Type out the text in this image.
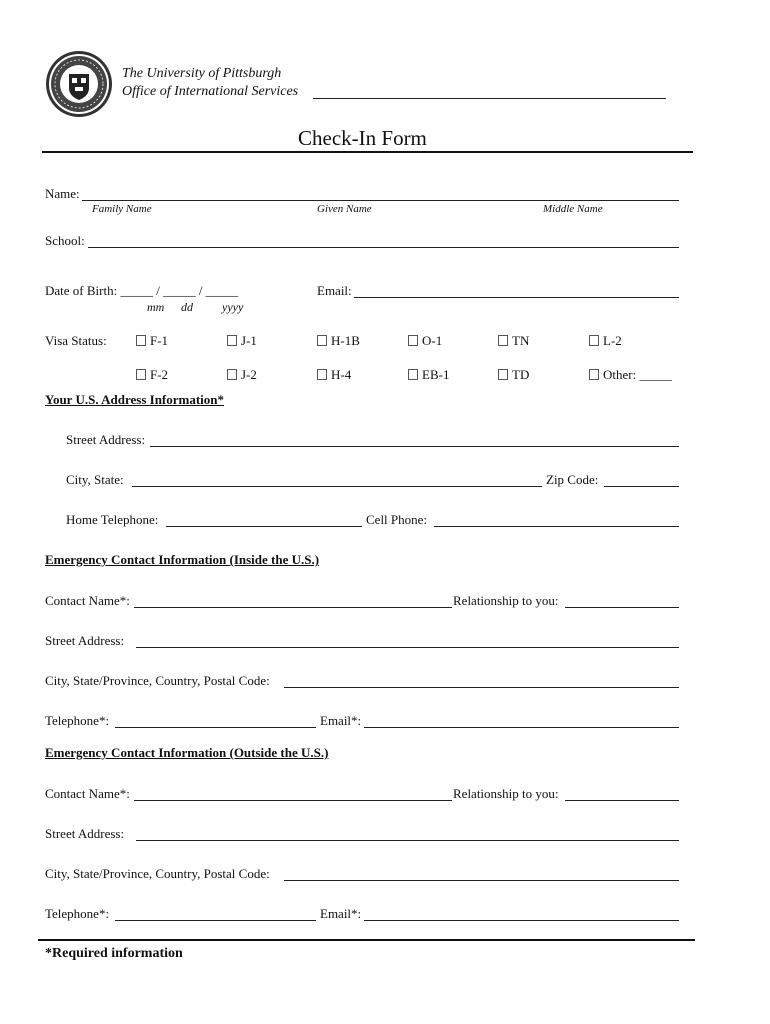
The University of Pittsburgh
Office of International Services
Check-In Form
Name:
Family Name	Given Name	Middle Name
School:
Date of Birth: _____ / _____ / _____
mm dd yyyy
Email:
Visa Status:	F-1	J-1	H-1B	O-1	TN	L-2
F-2	J-2	H-4	EB-1	TD	Other: _____
Your U.S. Address Information*
Street Address:
City, State:	Zip Code:
Home Telephone:	Cell Phone:
Emergency Contact Information (Inside the U.S.)
Contact Name*:	Relationship to you:
Street Address:
City, State/Province, Country, Postal Code:
Telephone*:	Email*:
Emergency Contact Information (Outside the U.S.)
Contact Name*:	Relationship to you:
Street Address:
City, State/Province, Country, Postal Code:
Telephone*:	Email*:
*Required information
